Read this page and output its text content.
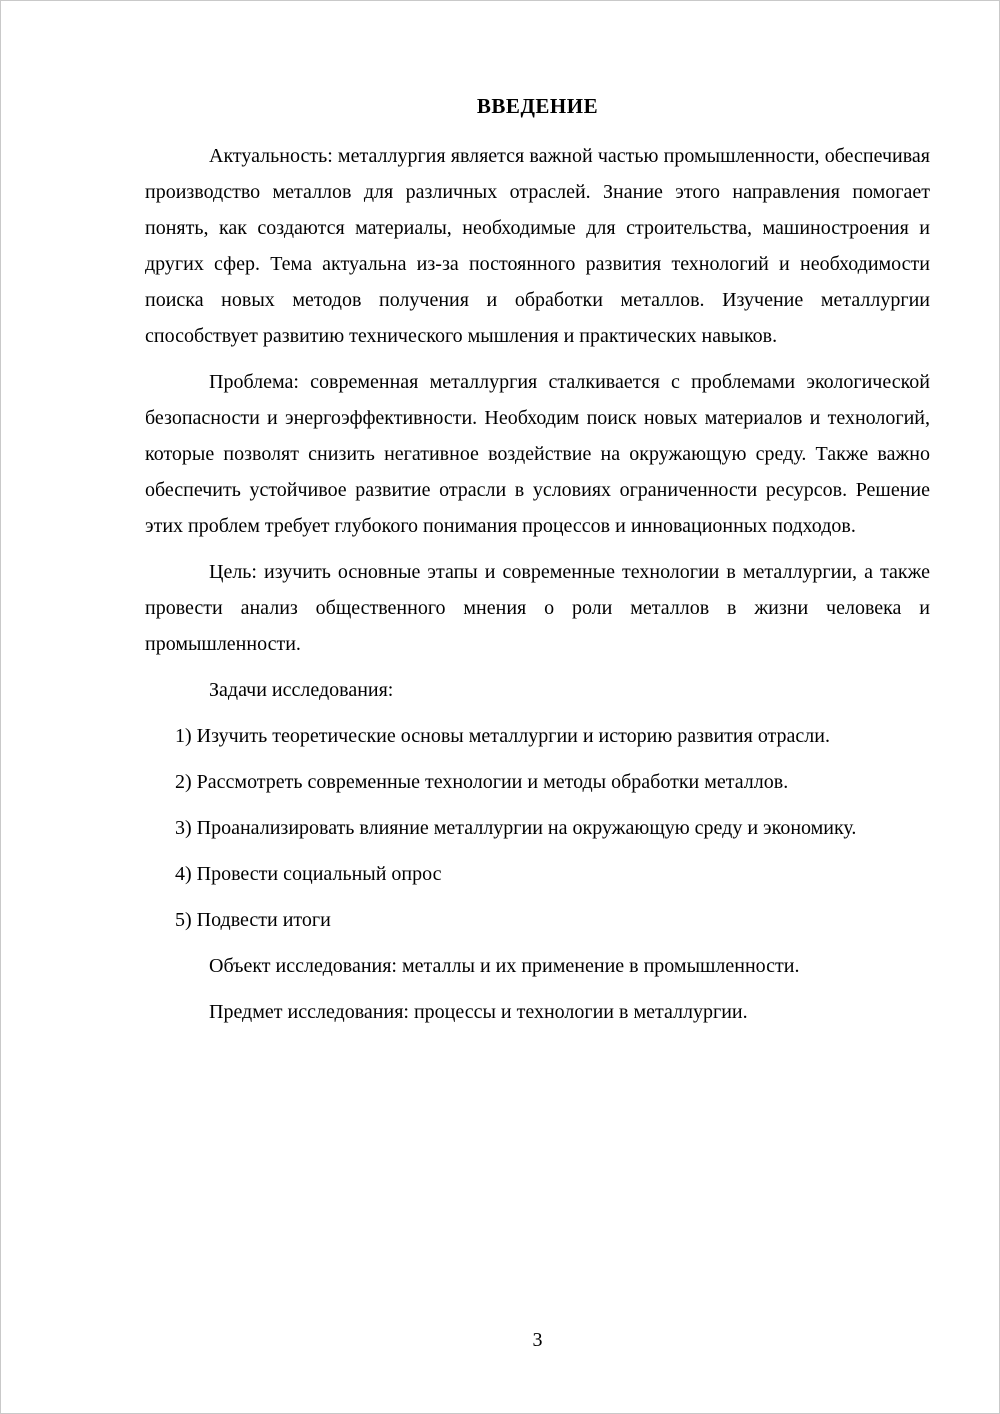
ВВЕДЕНИЕ

Актуальность: металлургия является важной частью промышленности, обеспечивая производство металлов для различных отраслей. Знание этого направления помогает понять, как создаются материалы, необходимые для строительства, машиностроения и других сфер. Тема актуальна из-за постоянного развития технологий и необходимости поиска новых методов получения и обработки металлов. Изучение металлургии способствует развитию технического мышления и практических навыков.

Проблема: современная металлургия сталкивается с проблемами экологической безопасности и энергоэффективности. Необходим поиск новых материалов и технологий, которые позволят снизить негативное воздействие на окружающую среду. Также важно обеспечить устойчивое развитие отрасли в условиях ограниченности ресурсов. Решение этих проблем требует глубокого понимания процессов и инновационных подходов.

Цель: изучить основные этапы и современные технологии в металлургии, а также провести анализ общественного мнения о роли металлов в жизни человека и промышленности.

Задачи исследования:

1) Изучить теоретические основы металлургии и историю развития отрасли.

2) Рассмотреть современные технологии и методы обработки металлов.

3) Проанализировать влияние металлургии на окружающую среду и экономику.

4) Провести социальный опрос

5) Подвести итоги

Объект исследования: металлы и их применение в промышленности.

Предмет исследования: процессы и технологии в металлургии.

3
